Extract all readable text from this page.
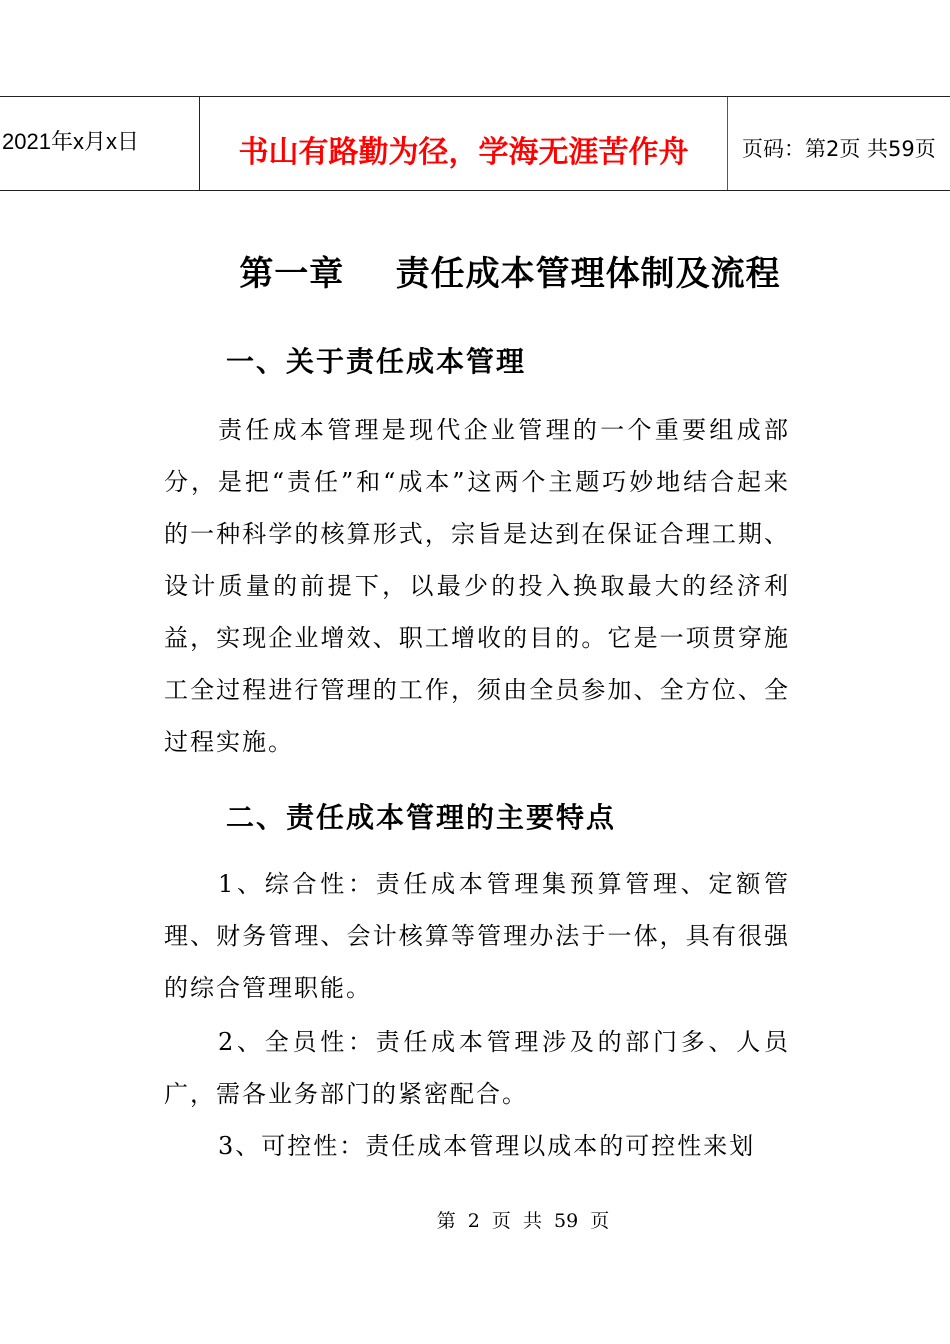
2021年x月x日	书山有路勤为径，学海无涯苦作舟	页码：第2页 共59页
第一章    责任成本管理体制及流程
一、关于责任成本管理
责任成本管理是现代企业管理的一个重要组成部分，是把“责任”和“成本”这两个主题巧妙地结合起来的一种科学的核算形式，宗旨是达到在保证合理工期、设计质量的前提下，以最少的投入换取最大的经济利益，实现企业增效、职工增收的目的。它是一项贯穿施工全过程进行管理的工作，须由全员参加、全方位、全过程实施。
二、责任成本管理的主要特点
1、综合性：责任成本管理集预算管理、定额管理、财务管理、会计核算等管理办法于一体，具有很强的综合管理职能。
2、全员性：责任成本管理涉及的部门多、人员广，需各业务部门的紧密配合。
3、可控性：责任成本管理以成本的可控性来划
第 2 页 共 59 页
